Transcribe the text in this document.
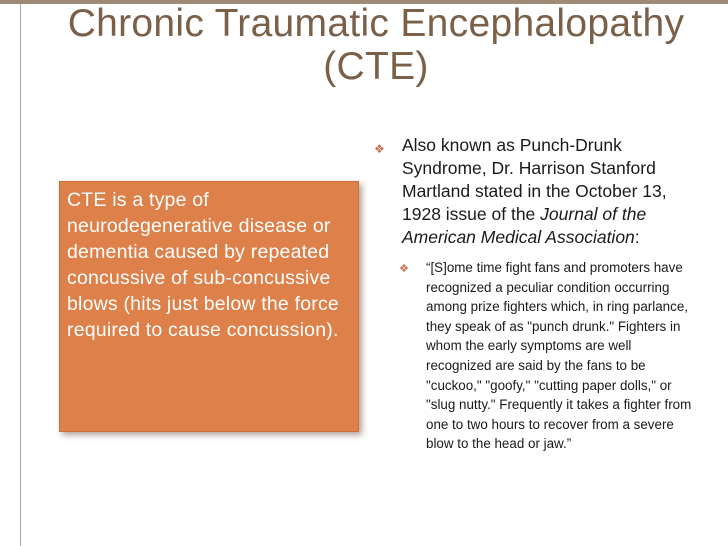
Chronic Traumatic Encephalopathy
(CTE)

CTE is a type of neurodegenerative disease or dementia caused by repeated concussive of sub-concussive blows (hits just below the force required to cause concussion).

❖ Also known as Punch-Drunk Syndrome, Dr. Harrison Stanford Martland stated in the October 13, 1928 issue of the Journal of the American Medical Association:
❖ “[S]ome time fight fans and promoters have recognized a peculiar condition occurring among prize fighters which, in ring parlance, they speak of as "punch drunk." Fighters in whom the early symptoms are well recognized are said by the fans to be "cuckoo," "goofy," "cutting paper dolls," or "slug nutty." Frequently it takes a fighter from one to two hours to recover from a severe blow to the head or jaw.”
